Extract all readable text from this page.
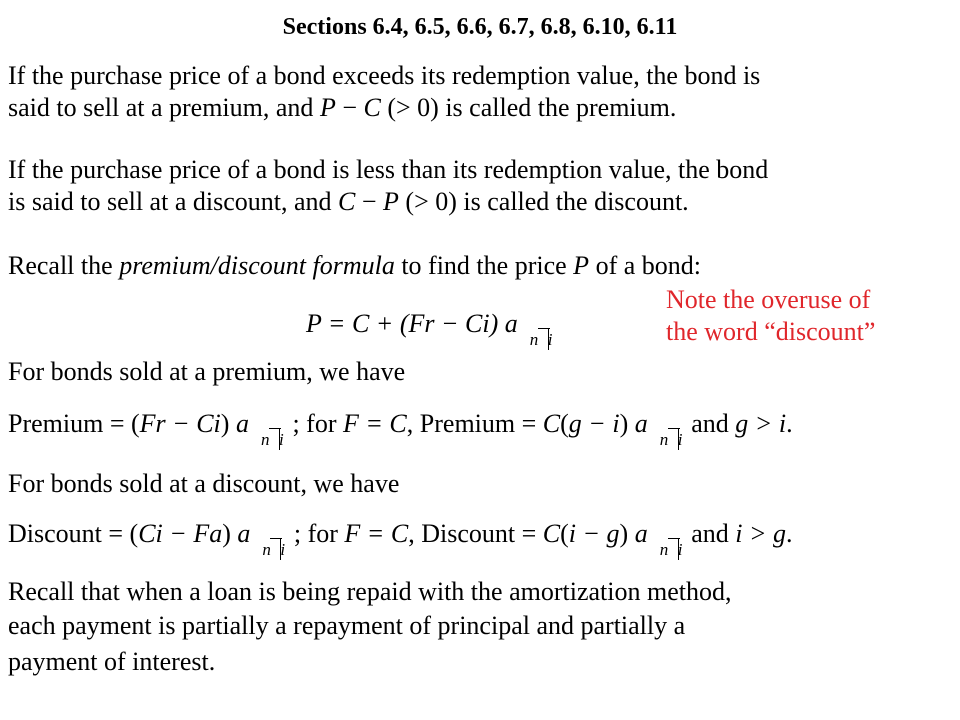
Sections 6.4, 6.5, 6.6, 6.7, 6.8, 6.10, 6.11
If the purchase price of a bond exceeds its redemption value, the bond is
said to sell at a premium, and P − C (> 0) is called the premium.
If the purchase price of a bond is less than its redemption value, the bond
is said to sell at a discount, and C − P (> 0) is called the discount.
Recall the premium/discount formula to find the price P of a bond:
P = C + (Fr − Ci) a
n i
Note the overuse of
the word “discount”
For bonds sold at a premium, we have
Premium = (Fr − Ci) a
n i
; for F = C, Premium = C(g − i) a
n i
and g > i.
For bonds sold at a discount, we have
Discount = (Ci − Fa) a
n i
; for F = C, Discount = C(i − g) a
n i
and i > g.
Recall that when a loan is being repaid with the amortization method,
each payment is partially a repayment of principal and partially a
payment of interest.
